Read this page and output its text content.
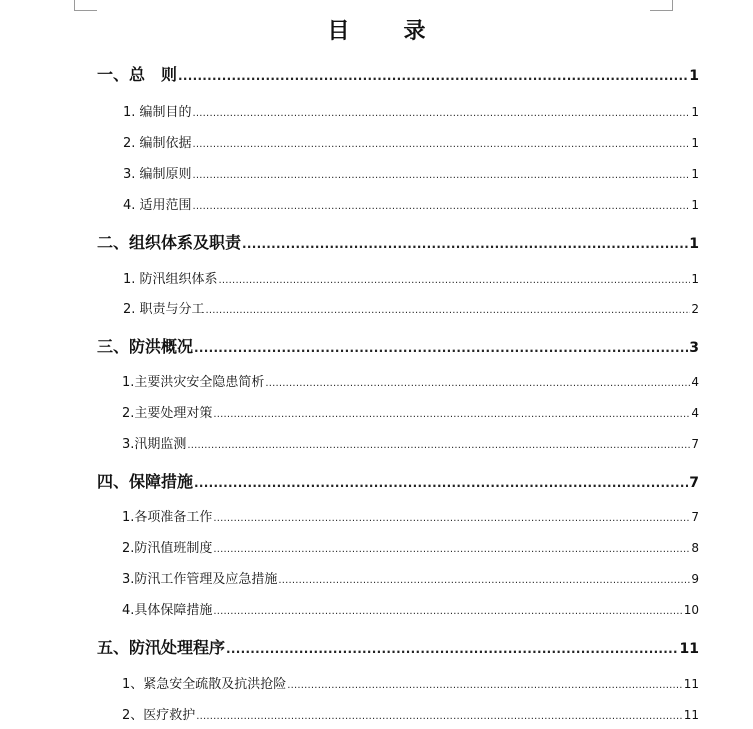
目　录
一、总　则 .....	1
1. 编制目的 .....	1
2. 编制依据 .....	1
3. 编制原则 .....	1
4. 适用范围 .....	1
二、组织体系及职责 .....	1
1. 防汛组织体系 .....	1
2. 职责与分工 .....	2
三、防洪概况 .....	3
1.主要洪灾安全隐患简析 .....	4
2.主要处理对策 .....	4
3.汛期监测 .....	7
四、保障措施 .....	7
1.各项准备工作 .....	7
2.防汛值班制度 .....	8
3.防汛工作管理及应急措施 .....	9
4.具体保障措施 .....	10
五、防汛处理程序 .....	11
1、紧急安全疏散及抗洪抢险 .....	11
2、医疗救护 .....	11
